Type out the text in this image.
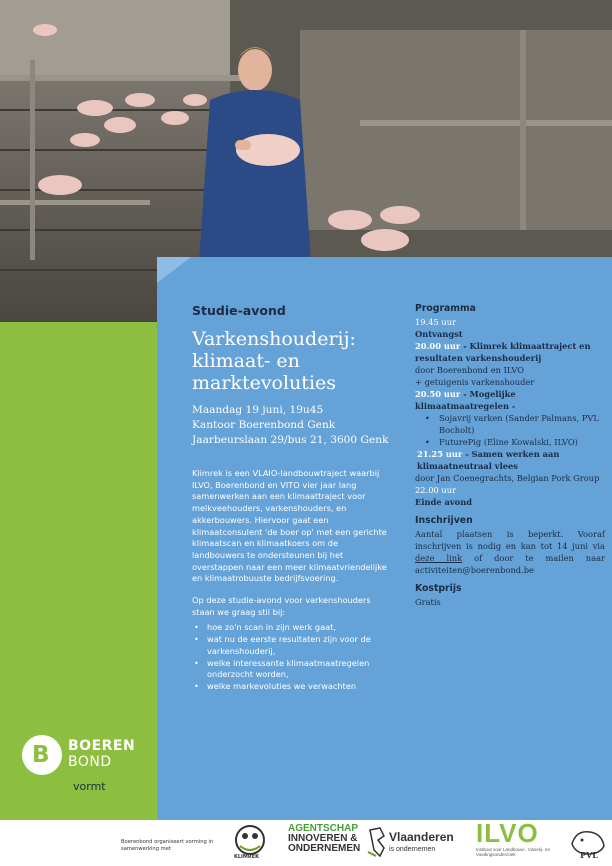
Studie-avond
Varkenshouderij:
klimaat- en
marktevoluties
Maandag 19 juni, 19u45
Kantoor Boerenbond Genk
Jaarbeurslaan 29/bus 21, 3600 Genk

Klimrek is een VLAIO-landbouwtraject waarbij ILVO, Boerenbond en VITO vier jaar lang samenwerken aan een klimaattraject voor melkveehouders, varkenshouders, en akkerbouwers. Hiervoor gaat een klimaatconsulent 'de boer op' met een gerichte klimaatscan en klimaatkoers om de landbouwers te ondersteunen bij het overstappen naar een meer klimaatvriendelijke en klimaatrobuuste bedrijfsvoering.

Op deze studie-avond voor varkenshouders staan we graag stil bij:

• hoe zo'n scan in zijn werk gaat,
• wat nu de eerste resultaten zijn voor de varkenshouderij,
• welke interessante klimaatmaatregelen onderzocht worden,
• welke markevoluties we verwachten
Programma
19.45 uur
Ontvangst
20.00 uur - Klimrek klimaattraject en resultaten varkenshouderij
door Boerenbond en ILVO
+ getuigenis varkenshouder
20.50 uur - Mogelijke klimaatmaatregelen -
• Sojavrij varken (Sander Palmans, PVL Bocholt)
• FuturePig (Eline Kowalski, ILVO)
21.25 uur - Samen werken aan klimaatneutraal vlees
door Jan Coenegrachts, Belgian Pork Group
22.00 uur
Einde avond
Inschrijven
Aantal plaatsen is beperkt. Vooraf inschrijven is nodig en kan tot 14 juni via deze link of door te mailen naar activiteiten@boerenbond.be
Kostprijs
Gratis
B BOEREN
BOND
vormt
Boerenbond organiseert vorming in samenwerking met
KLIMREK
AGENTSCHAP
INNOVEREN &
ONDERNEMEN
Vlaanderen
is ondernemen
ILVO
Instituut voor Landbouw-, Visserij- en Voedingsonderzoek	PVL
